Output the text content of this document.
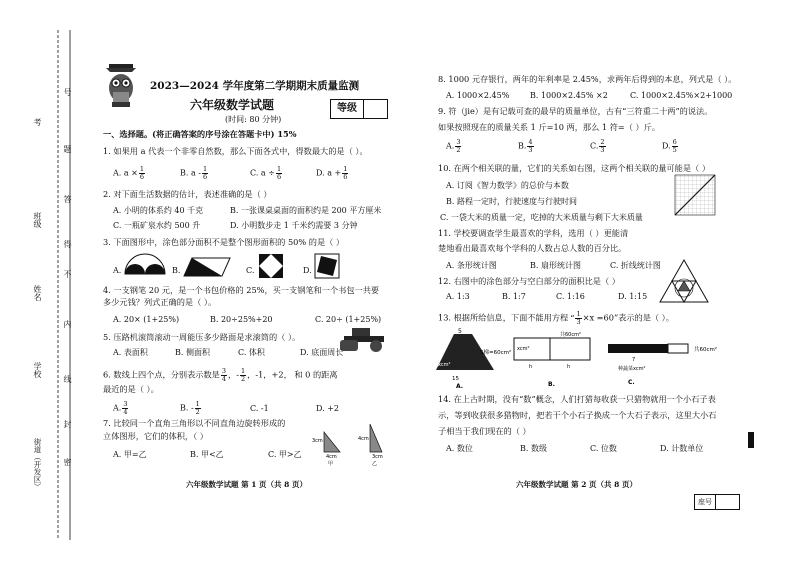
号
考
题
答
班级
得
不
姓名
内
学校
线
封
密
街道（开发区）
2023—2024 学年度第二学期期末质量监测
六年级数学试题
(时间: 80 分钟)
等级
一、选择题。(将正确答案的序号涂在答题卡中) 15%
1. 如果用 a 代表一个非零自然数，那么下面各式中，得数最大的是（ ）。
A. $a \times \frac{1}{6}$	B. a - $\frac{1}{6}$	C. $a \div \frac{1}{6}$	D. $a + \frac{1}{6}$
2. 对下面生活数据的估计，表述准确的是（ ）
A. 小明的体系约 40 千克	B. 一张课桌桌面的面积约是 200 平方厘米
C. 一瓶矿泉水约 500 升	D. 小明数步走 1 千米约需要 3 分钟
3. 下面图形中，涂色部分面积不是整个图形面积的 50% 的是（ ）
A.	B.	C.	D.
4. 一支钢笔 20 元，是一个书包价格的 25%，买一支钢笔和一个书包一共要
多少元钱？列式正确的是（ ）。
A. 20× (1+25%)	B. 20÷25%+20	C. 20÷ (1+25%)
5. 压路机滚筒滚动一周能压多少路面是求滚筒的（ ）。
A. 表面积	B. 侧面积	C. 体积	D. 底面周长
6. 数线上四个点，分别表示数是 $\frac{3}{4}$ ，- $\frac{1}{2}$ ，-1，+2， 和 0 的距离
最近的是（ ）。
A. $\frac{3}{4}$	B. - $\frac{1}{2}$	C. -1	D. +2
7. 比较同一个直角三角形以不同直角边旋转形成的
立体图形，它们的体积，（ ）	3cm
4cm
甲
4cm
3cm
乙
A. 甲=乙	B. 甲<乙	C. 甲>乙
六年级数学试题 第 1 页（共 8 页）
8. 1000 元存银行，两年的年利率是 2.45%，求两年后得到的本息，列式是（ ）。
A. 1000×2.45%	B. 1000×2.45% ×2	C. 1000×2.45%×2+1000
9. 符（jie）是有记载可查的最早的质量单位，古有“三符重二十两”的说法。
如果按照现在的质量关系 1 斤=10 两，那么 1 符=（ ）斤。
A. $\frac{3}{2}$	B. $\frac{4}{3}$	C. $\frac{2}{3}$	D. $\frac{6}{5}$
10. 在两个相关联的量，它们的关系如右图，这两个相关联的量可能是（ ）
A. 订阅《智力数学》的总价与本数
B. 路程一定时，行驶速度与行驶时间
C. 一袋大米的质量一定，吃掉的大米质量与剩下大米质量
11. 学校要调查学生最喜欢的学科，选用（ ）更能清
楚地看出最喜欢每个学科的人数占总人数的百分比。
A. 条形统计图	B. 扇形统计图	C. 折线统计图
12. 右图中的涂色部分与空白部分的面积比是（ ）
A. 1:3	B. 1:7	C. 1:16	D. 1:15
13. 根据所给信息，下面不能用方程 “ $\frac{1}{3} \times x =60$”表示的是（ ）。
5
S梯=60cm²
xcm²
15
A.
xcm²
共60cm²
h	h
B.
共60cm²
7
种蔬菜xcm²
C.
14. 在上古时期，没有“数”概念，人们打猎每收获一只猎物就用一个小石子表
示，等到收获很多猎物时，把若干个小石子换成一个大石子表示，这里大小石
子相当于我们现在的（ ）
A. 数位	B. 数级	C. 位数	D. 计数单位
六年级数学试题 第 2 页（共 8 页）
座号
